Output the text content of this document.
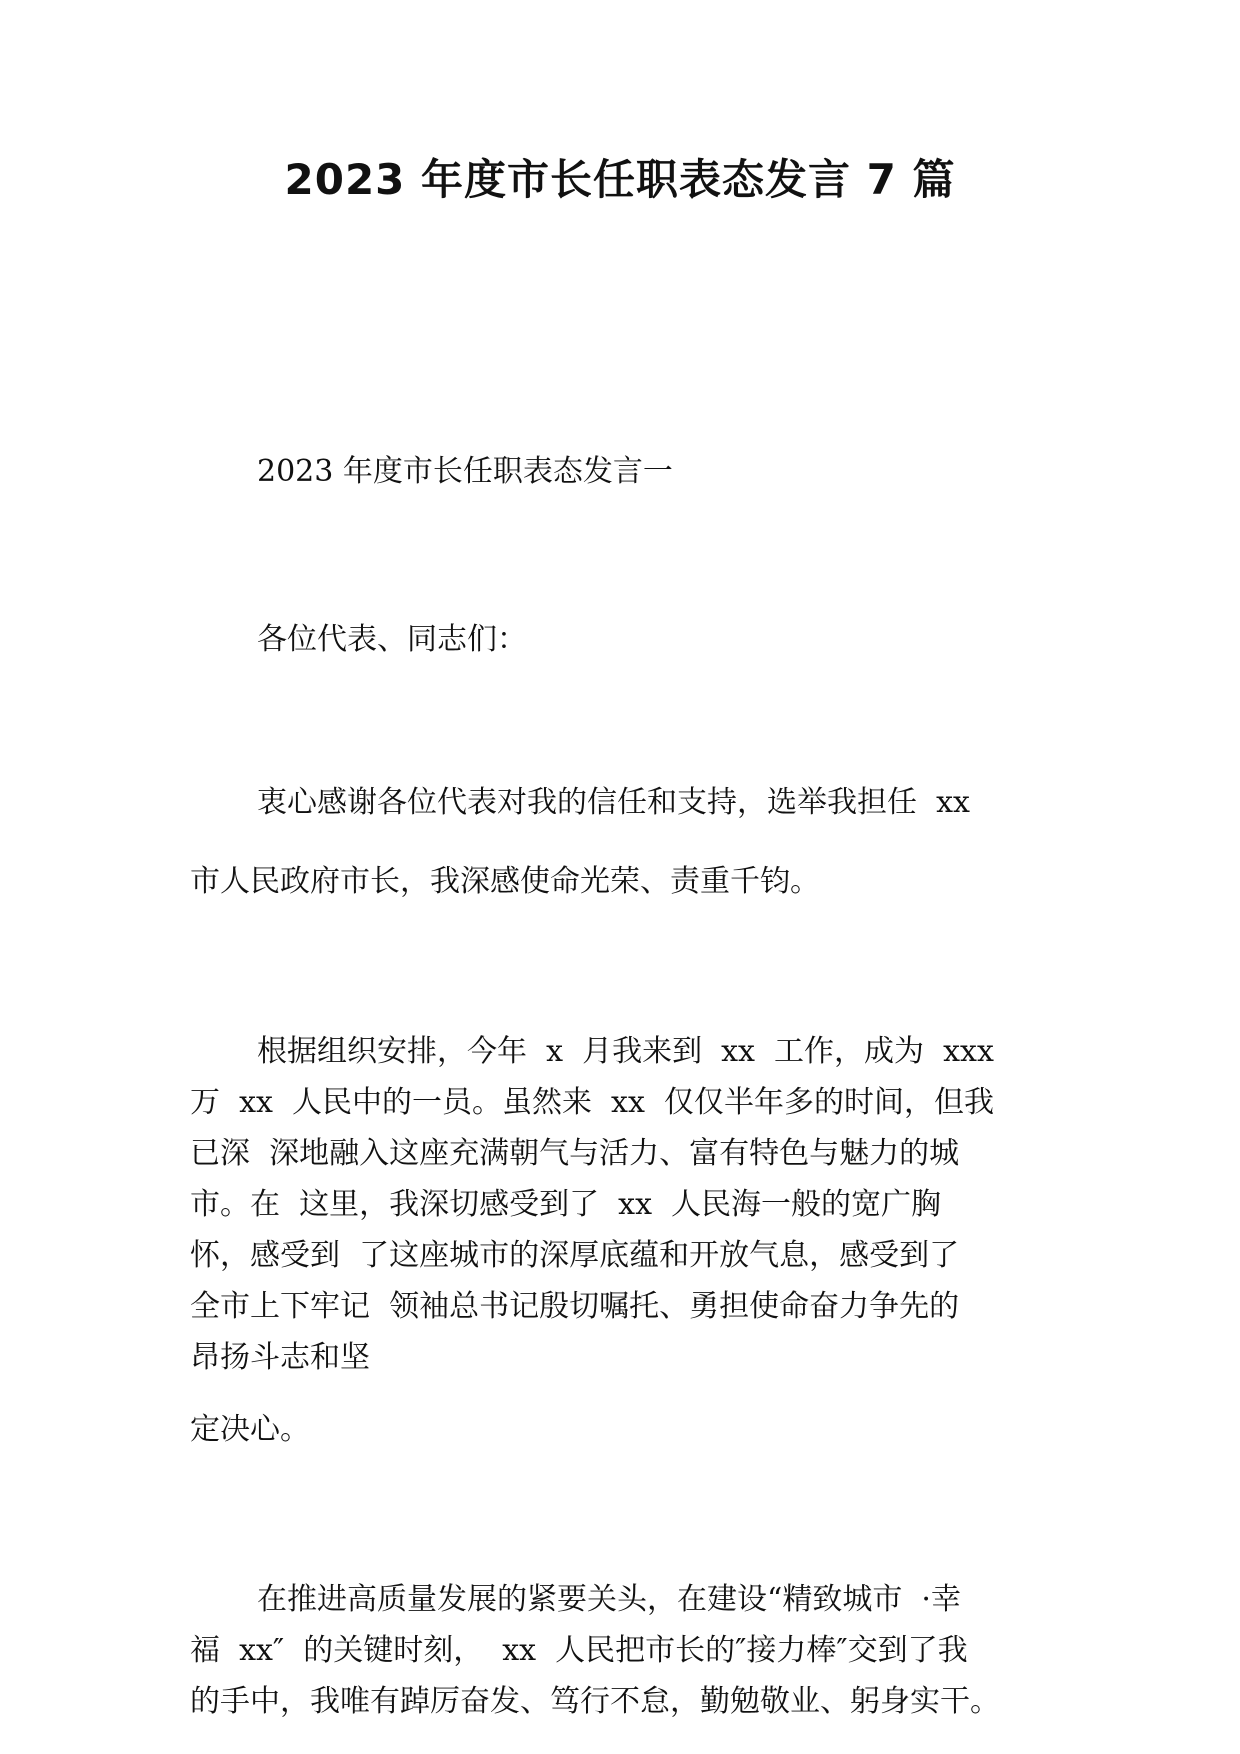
2023 年度市长任职表态发言 7 篇
2023 年度市长任职表态发言一
各位代表、同志们：
衷心感谢各位代表对我的信任和支持，选举我担任  xx
市人民政府市长，我深感使命光荣、责重千钧。
根据组织安排，今年  x  月我来到  xx  工作，成为  xxx
万  xx  人民中的一员。虽然来  xx  仅仅半年多的时间，但我
已深  深地融入这座充满朝气与活力、富有特色与魅力的城
市。在  这里，我深切感受到了  xx  人民海一般的宽广胸
怀，感受到  了这座城市的深厚底蕴和开放气息，感受到了
全市上下牢记  领袖总书记殷切嘱托、勇担使命奋力争先的
昂扬斗志和坚
定决心。
在推进高质量发展的紧要关头，在建设“精致城市  ·幸
福  xx″  的关键时刻，  xx  人民把市长的″接力棒″交到了我
的手中，我唯有踔厉奋发、笃行不怠，勤勉敬业、躬身实干。
